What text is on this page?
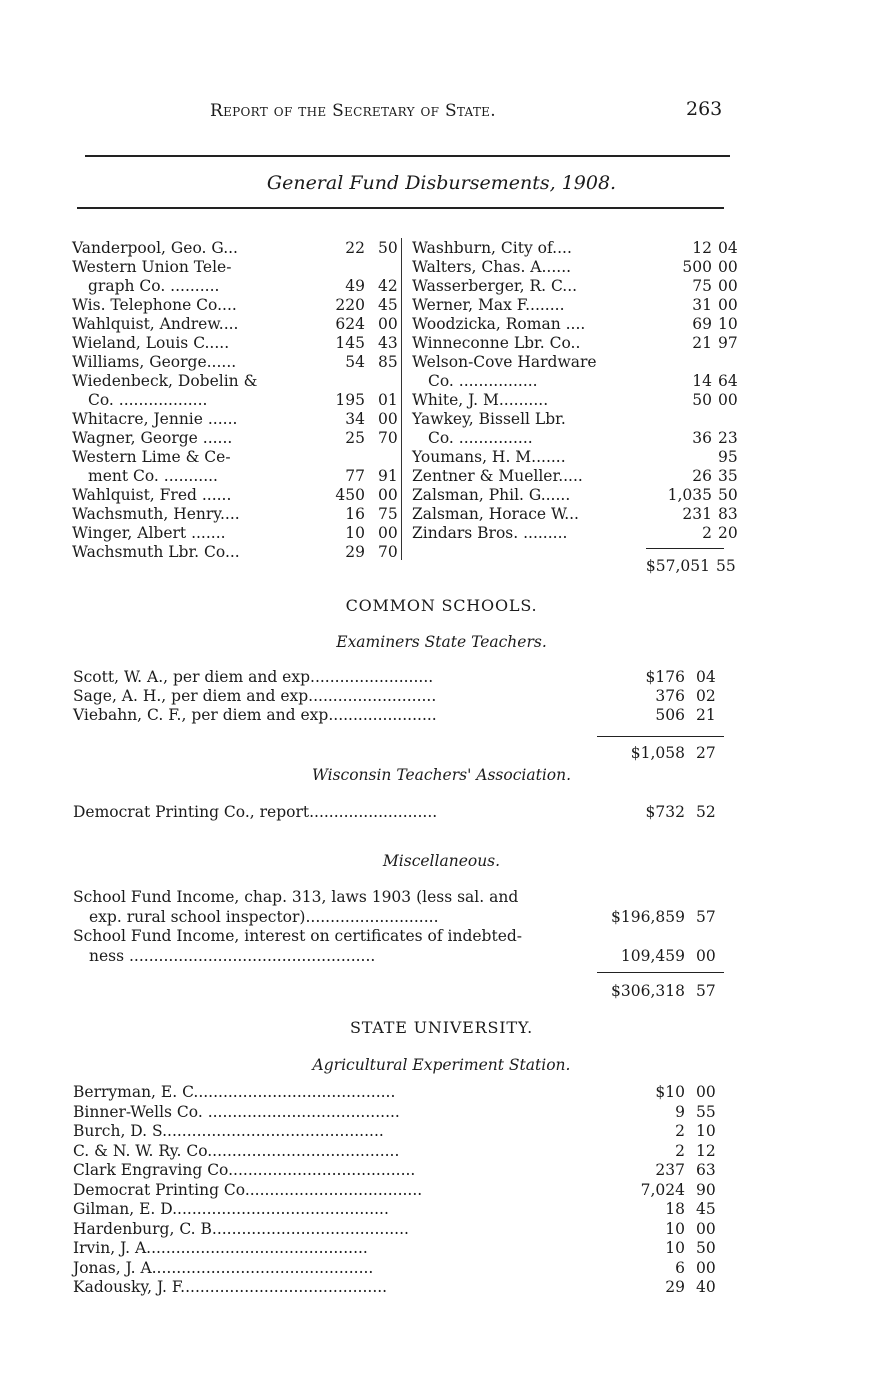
Report of the Secretary of State.	263
General Fund Disbursements, 1908.
Vanderpool, Geo. G...	22 50
Western Union Tele-
graph Co. ..........	49 42
Wis. Telephone Co....	220 45
Wahlquist, Andrew....	624 00
Wieland, Louis C.....	145 43
Williams, George......	54 85
Wiedenbeck, Dobelin &
Co. ..................	195 01
Whitacre, Jennie ......	34 00
Wagner, George ......	25 70
Western Lime & Ce-
ment Co. ...........	77 91
Wahlquist, Fred ......	450 00
Wachsmuth, Henry....	16 75
Winger, Albert .......	10 00
Wachsmuth Lbr. Co...	29 70
Washburn, City of....	12 04
Walters, Chas. A......	500 00
Wasserberger, R. C...	75 00
Werner, Max F........	31 00
Woodzicka, Roman ....	69 10
Winneconne Lbr. Co..	21 97
Welson-Cove Hardware
Co. ................	14 64
White, J. M..........	50 00
Yawkey, Bissell Lbr.
Co. ...............	36 23
Youmans, H. M.......	95
Zentner & Mueller.....	26 35
Zalsman, Phil. G......	1,035 50
Zalsman, Horace W...	231 83
Zindars Bros. .........	2 20
$57,051 55
COMMON SCHOOLS.
Examiners State Teachers.
Scott, W. A., per diem and exp.........................	$176 04
Sage, A. H., per diem and exp..........................	376 02
Viebahn, C. F., per diem and exp......................	506 21
$1,058 27
Wisconsin Teachers' Association.
Democrat Printing Co., report..........................	$732 52
Miscellaneous.
School Fund Income, chap. 313, laws 1903 (less sal. and
exp. rural school inspector)...........................	$196,859 57
School Fund Income, interest on certificates of indebted-
ness ..................................................	109,459 00
$306,318 57
STATE UNIVERSITY.
Agricultural Experiment Station.
Berryman, E. C.........................................	$10 00
Binner-Wells Co. .......................................	9 55
Burch, D. S.............................................	2 10
C. & N. W. Ry. Co.......................................	2 12
Clark Engraving Co......................................	237 63
Democrat Printing Co....................................	7,024 90
Gilman, E. D............................................	18 45
Hardenburg, C. B........................................	10 00
Irvin, J. A.............................................	10 50
Jonas, J. A.............................................	6 00
Kadousky, J. F..........................................	29 40
